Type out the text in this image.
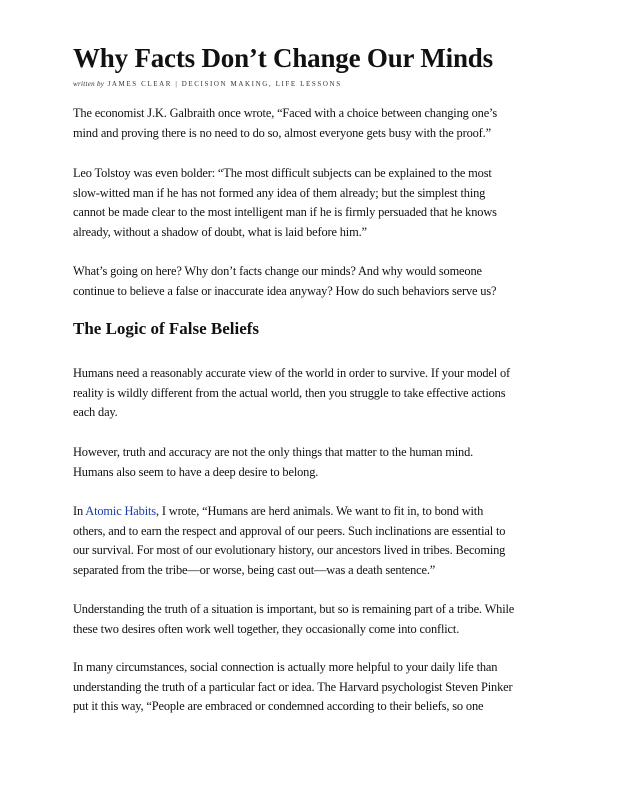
Why Facts Don’t Change Our Minds
written by JAMES CLEAR | DECISION MAKING, LIFE LESSONS

The economist J.K. Galbraith once wrote, “Faced with a choice between changing one’s
mind and proving there is no need to do so, almost everyone gets busy with the proof.”

Leo Tolstoy was even bolder: “The most difficult subjects can be explained to the most
slow-witted man if he has not formed any idea of them already; but the simplest thing
cannot be made clear to the most intelligent man if he is firmly persuaded that he knows
already, without a shadow of doubt, what is laid before him.”

What’s going on here? Why don’t facts change our minds? And why would someone
continue to believe a false or inaccurate idea anyway? How do such behaviors serve us?

The Logic of False Beliefs

Humans need a reasonably accurate view of the world in order to survive. If your model of
reality is wildly different from the actual world, then you struggle to take effective actions
each day.

However, truth and accuracy are not the only things that matter to the human mind.
Humans also seem to have a deep desire to belong.

In Atomic Habits, I wrote, “Humans are herd animals. We want to fit in, to bond with
others, and to earn the respect and approval of our peers. Such inclinations are essential to
our survival. For most of our evolutionary history, our ancestors lived in tribes. Becoming
separated from the tribe—or worse, being cast out—was a death sentence.”

Understanding the truth of a situation is important, but so is remaining part of a tribe. While
these two desires often work well together, they occasionally come into conflict.

In many circumstances, social connection is actually more helpful to your daily life than
understanding the truth of a particular fact or idea. The Harvard psychologist Steven Pinker
put it this way, “People are embraced or condemned according to their beliefs, so one
